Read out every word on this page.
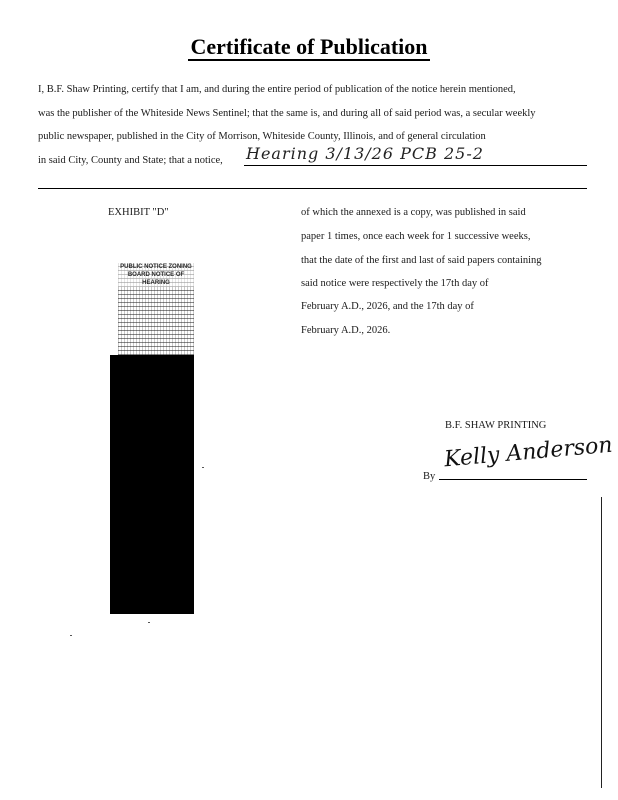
Certificate of Publication
I, B.F. Shaw Printing, certify that I am, and during the entire period of publication of the notice herein mentioned,
was the publisher of the Whiteside News Sentinel; that the same is, and during all of said period was, a secular weekly
public newspaper, published in the City of Morrison, Whiteside County, Illinois, and of general circulation
in said City, County and State; that a notice, Hearing 3/13/26 PCB 25-2
EXHIBIT "D"	of which the annexed is a copy, was published in said
paper 1 times, once each week for 1 successive weeks,
that the date of the first and last of said papers containing
said notice were respectively the 17th day of
February A.D., 2026, and the 17th day of
February A.D., 2026.
PUBLIC NOTICE ZONING BOARD NOTICE OF HEARING
B.F. SHAW PRINTING
Kelly Anderson
By
